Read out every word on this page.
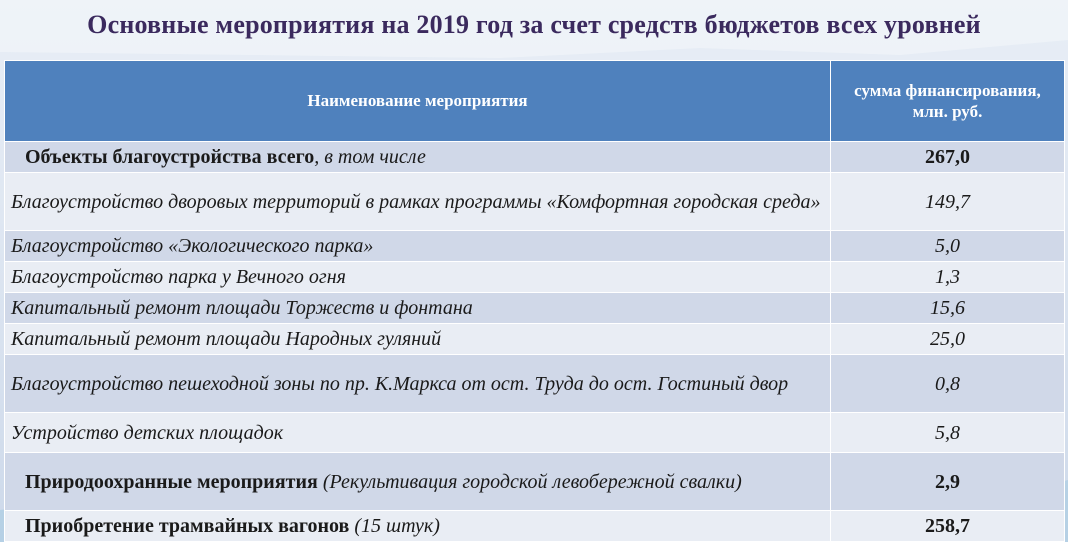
Основные мероприятия на 2019 год за счет средств бюджетов всех уровней
Наименование мероприятия	сумма финансирования, млн. руб.
Объекты благоустройства всего, в том числе	267,0
Благоустройство дворовых территорий в рамках программы «Комфортная городская среда»	149,7
Благоустройство «Экологического парка»	5,0
Благоустройство парка у Вечного огня	1,3
Капитальный ремонт площади Торжеств и фонтана	15,6
Капитальный ремонт площади Народных гуляний	25,0
Благоустройство пешеходной зоны по пр. К.Маркса от ост. Труда до ост. Гостиный двор	0,8
Устройство детских площадок	5,8
Природоохранные мероприятия (Рекультивация городской левобережной свалки)	2,9
Приобретение трамвайных вагонов (15 штук)	258,7
